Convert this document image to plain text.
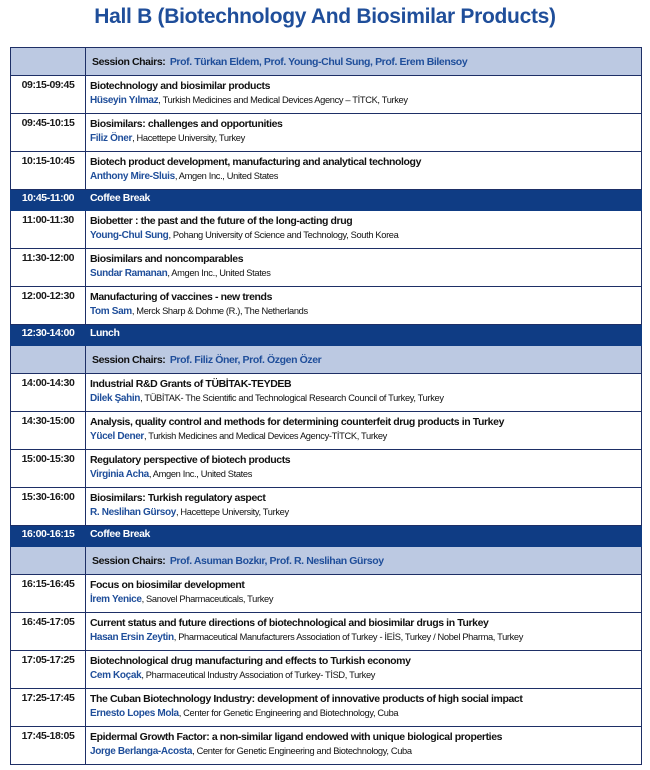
Hall B (Biotechnology And Biosimilar Products)
	Session Chairs: Prof. Türkan Eldem, Prof. Young-Chul Sung, Prof. Erem Bilensoy
09:15-09:45	Biotechnology and biosimilar products
Hüseyin Yılmaz, Turkish Medicines and Medical Devices Agency – TİTCK, Turkey

09:45-10:15	Biosimilars: challenges and opportunities
Filiz Öner, Hacettepe University, Turkey

10:15-10:45	Biotech product development, manufacturing and analytical technology
Anthony Mire-Sluis, Amgen Inc., United States

10:45-11:00	Coffee Break
11:00-11:30	Biobetter : the past and the future of the long-acting drug
Young-Chul Sung, Pohang University of Science and Technology, South Korea

11:30-12:00	Biosimilars and noncomparables
Sundar Ramanan, Amgen Inc., United States

12:00-12:30	Manufacturing of vaccines - new trends
Tom Sam, Merck Sharp & Dohme (R.), The Netherlands

12:30-14:00	Lunch
	Session Chairs: Prof. Filiz Öner, Prof. Özgen Özer
14:00-14:30	Industrial R&D Grants of TÜBİTAK-TEYDEB
Dilek Şahin, TÜBİTAK- The Scientific and Technological Research Council of Turkey, Turkey

14:30-15:00	Analysis, quality control and methods for determining counterfeit drug products in Turkey
Yücel Dener, Turkish Medicines and Medical Devices Agency-TİTCK, Turkey

15:00-15:30	Regulatory perspective of biotech products
Virginia Acha, Amgen Inc., United States

15:30-16:00	Biosimilars: Turkish regulatory aspect
R. Neslihan Gürsoy, Hacettepe University, Turkey

16:00-16:15	Coffee Break
	Session Chairs: Prof. Asuman Bozkır, Prof. R. Neslihan Gürsoy
16:15-16:45	Focus on biosimilar development
İrem Yenice, Sanovel Pharmaceuticals, Turkey

16:45-17:05	Current status and future directions of biotechnological and biosimilar drugs in Turkey
Hasan Ersin Zeytin, Pharmaceutical Manufacturers Association of Turkey - İEİS, Turkey / Nobel Pharma, Turkey

17:05-17:25	Biotechnological drug manufacturing and effects to Turkish economy
Cem Koçak, Pharmaceutical Industry Association of Turkey- TİSD, Turkey

17:25-17:45	The Cuban Biotechnology Industry: development of innovative products of high social impact
Ernesto Lopes Mola, Center for Genetic Engineering and Biotechnology, Cuba

17:45-18:05	Epidermal Growth Factor: a non-similar ligand endowed with unique biological properties
Jorge Berlanga-Acosta, Center for Genetic Engineering and Biotechnology, Cuba
